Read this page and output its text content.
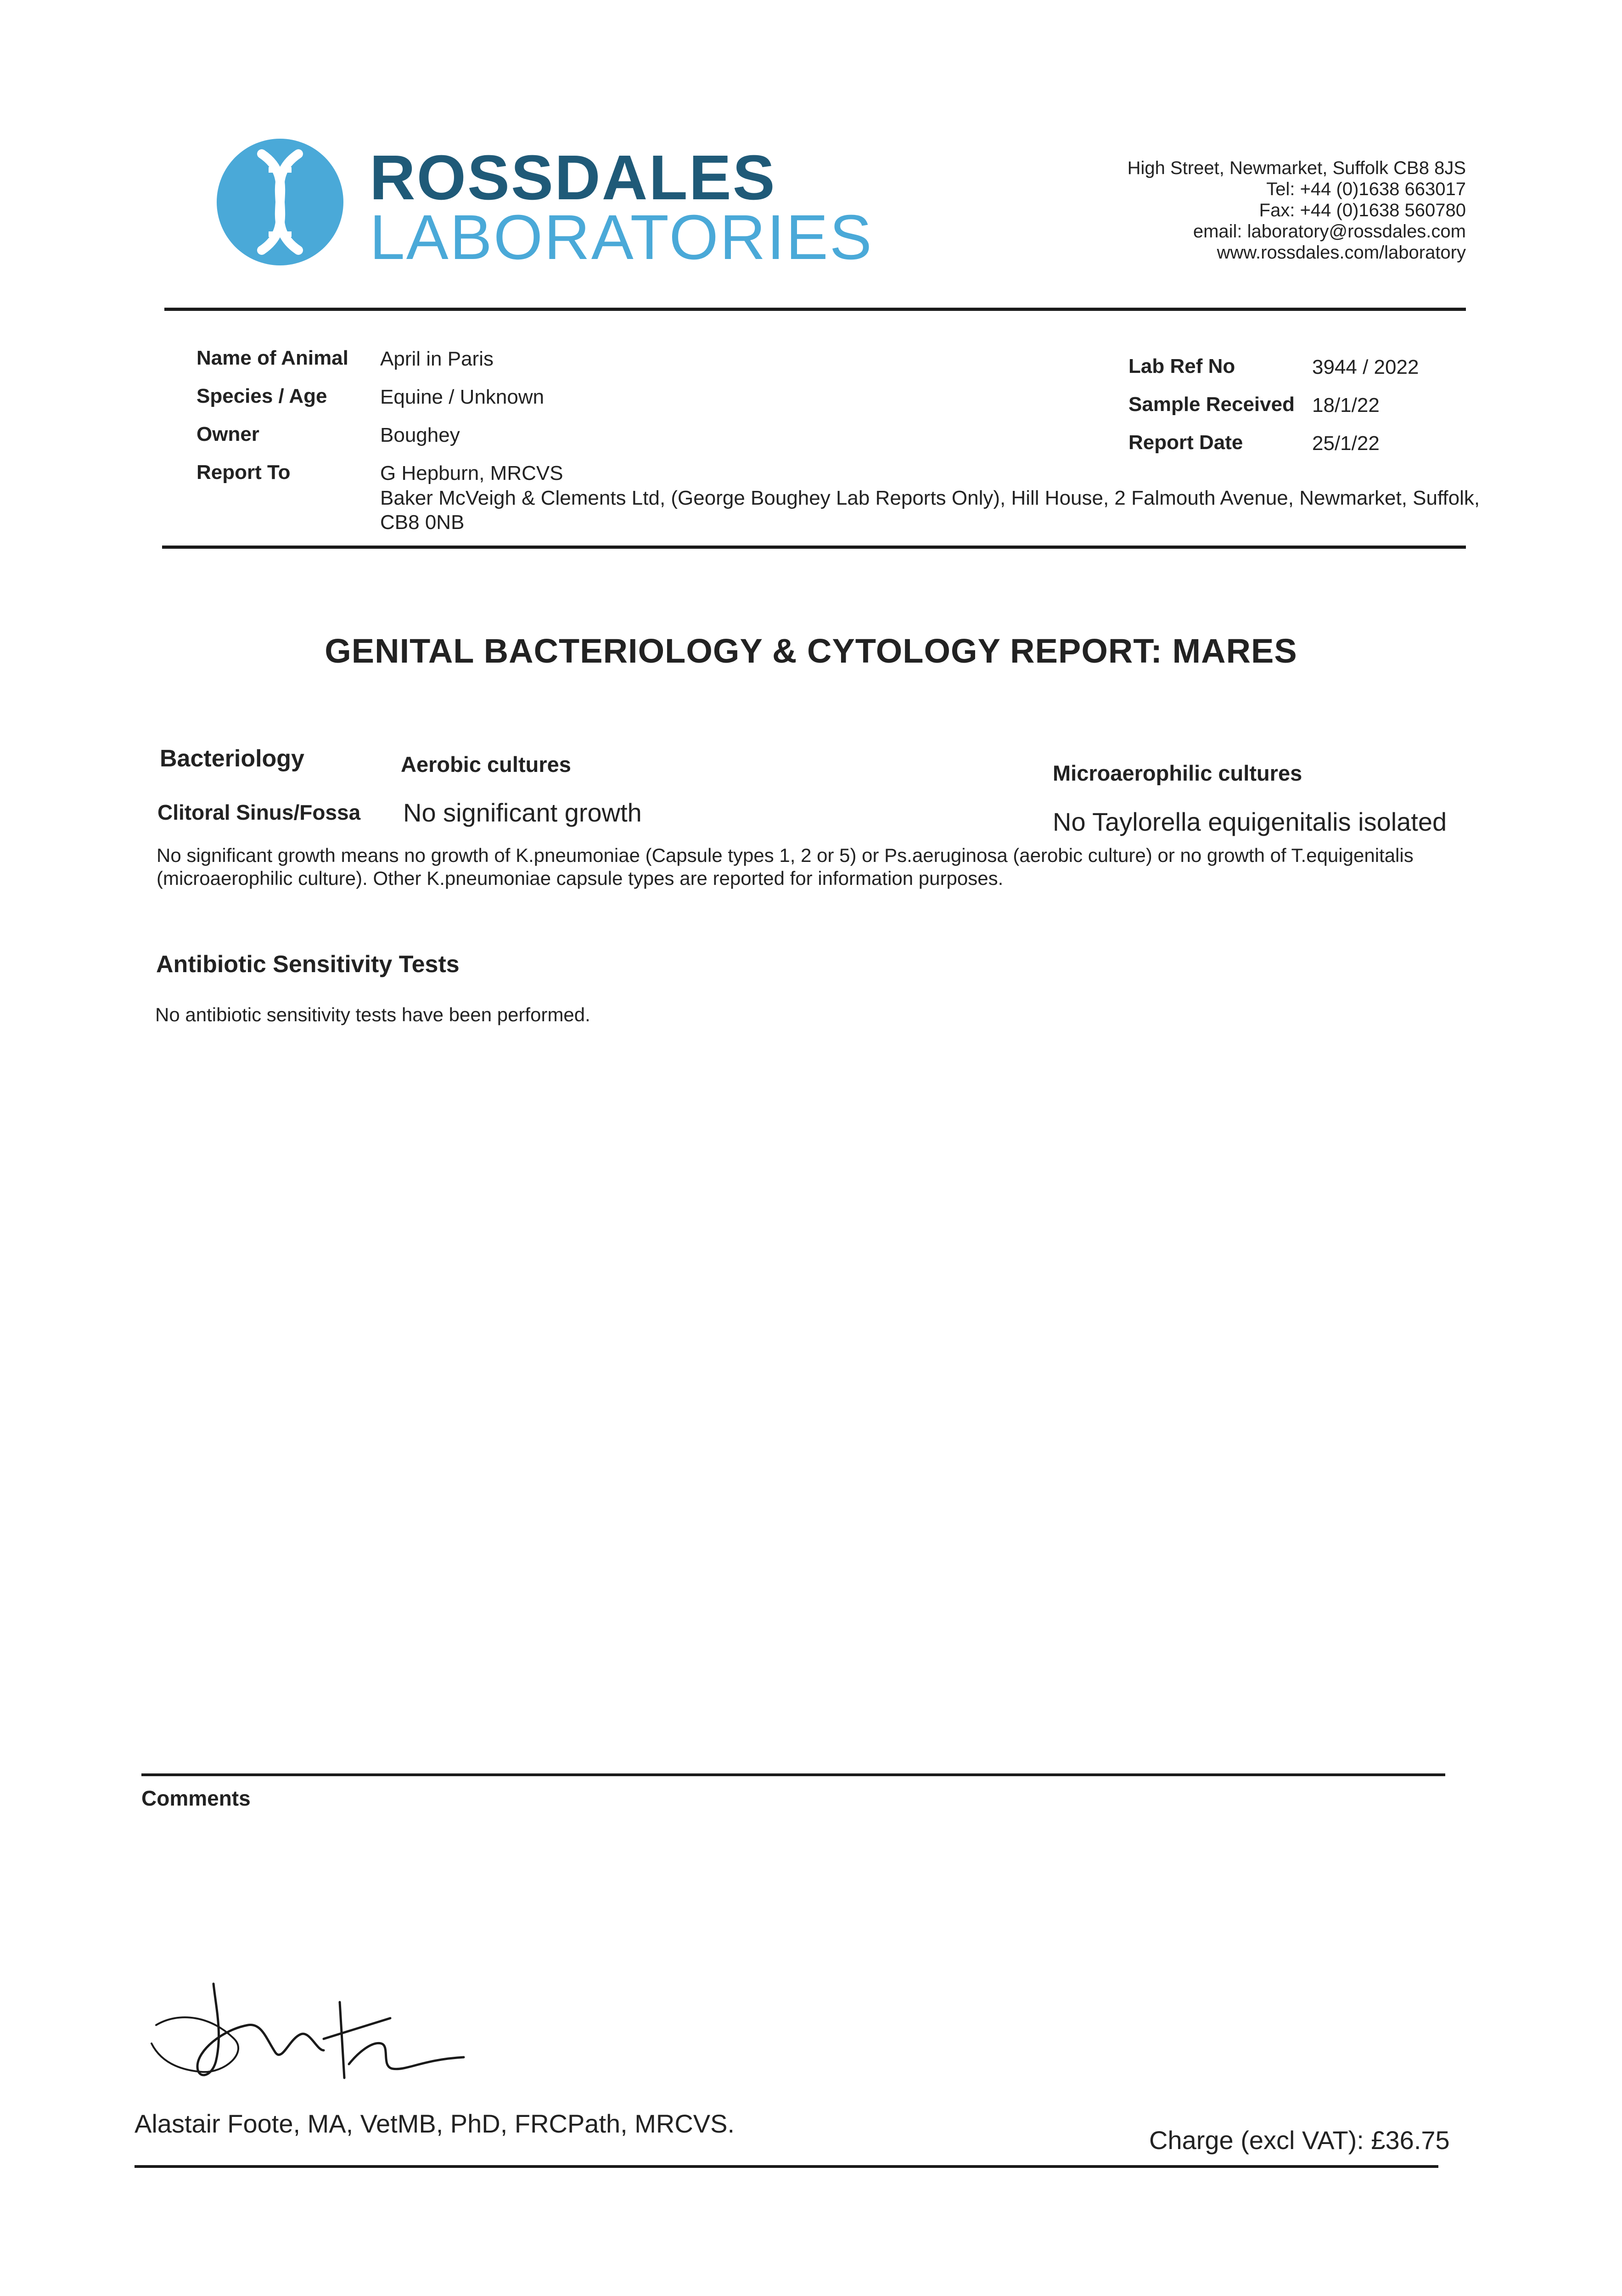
ROSSDALES
LABORATORIES
High Street, Newmarket, Suffolk CB8 8JS
Tel: +44 (0)1638 663017
Fax: +44 (0)1638 560780
email: laboratory@rossdales.com
www.rossdales.com/laboratory
Name of Animal April in Paris
Species / Age	Equine / Unknown
Owner	Boughey
Report To	G Hepburn, MRCVS
Baker McVeigh & Clements Ltd, (George Boughey Lab Reports Only), Hill House, 2 Falmouth Avenue, Newmarket, Suffolk,
CB8 0NB
Lab Ref No	3944 / 2022
Sample Received 18/1/22
Report Date	25/1/22
GENITAL BACTERIOLOGY & CYTOLOGY REPORT: MARES
Bacteriology	Aerobic cultures	Microaerophilic cultures
Clitoral Sinus/Fossa No significant growth	No Taylorella equigenitalis isolated
No significant growth means no growth of K.pneumoniae (Capsule types 1, 2 or 5) or Ps.aeruginosa (aerobic culture) or no growth of T.equigenitalis
(microaerophilic culture). Other K.pneumoniae capsule types are reported for information purposes.
Antibiotic Sensitivity Tests
No antibiotic sensitivity tests have been performed.
Comments
Alastair Foote, MA, VetMB, PhD, FRCPath, MRCVS.
Charge (excl VAT): £36.75
